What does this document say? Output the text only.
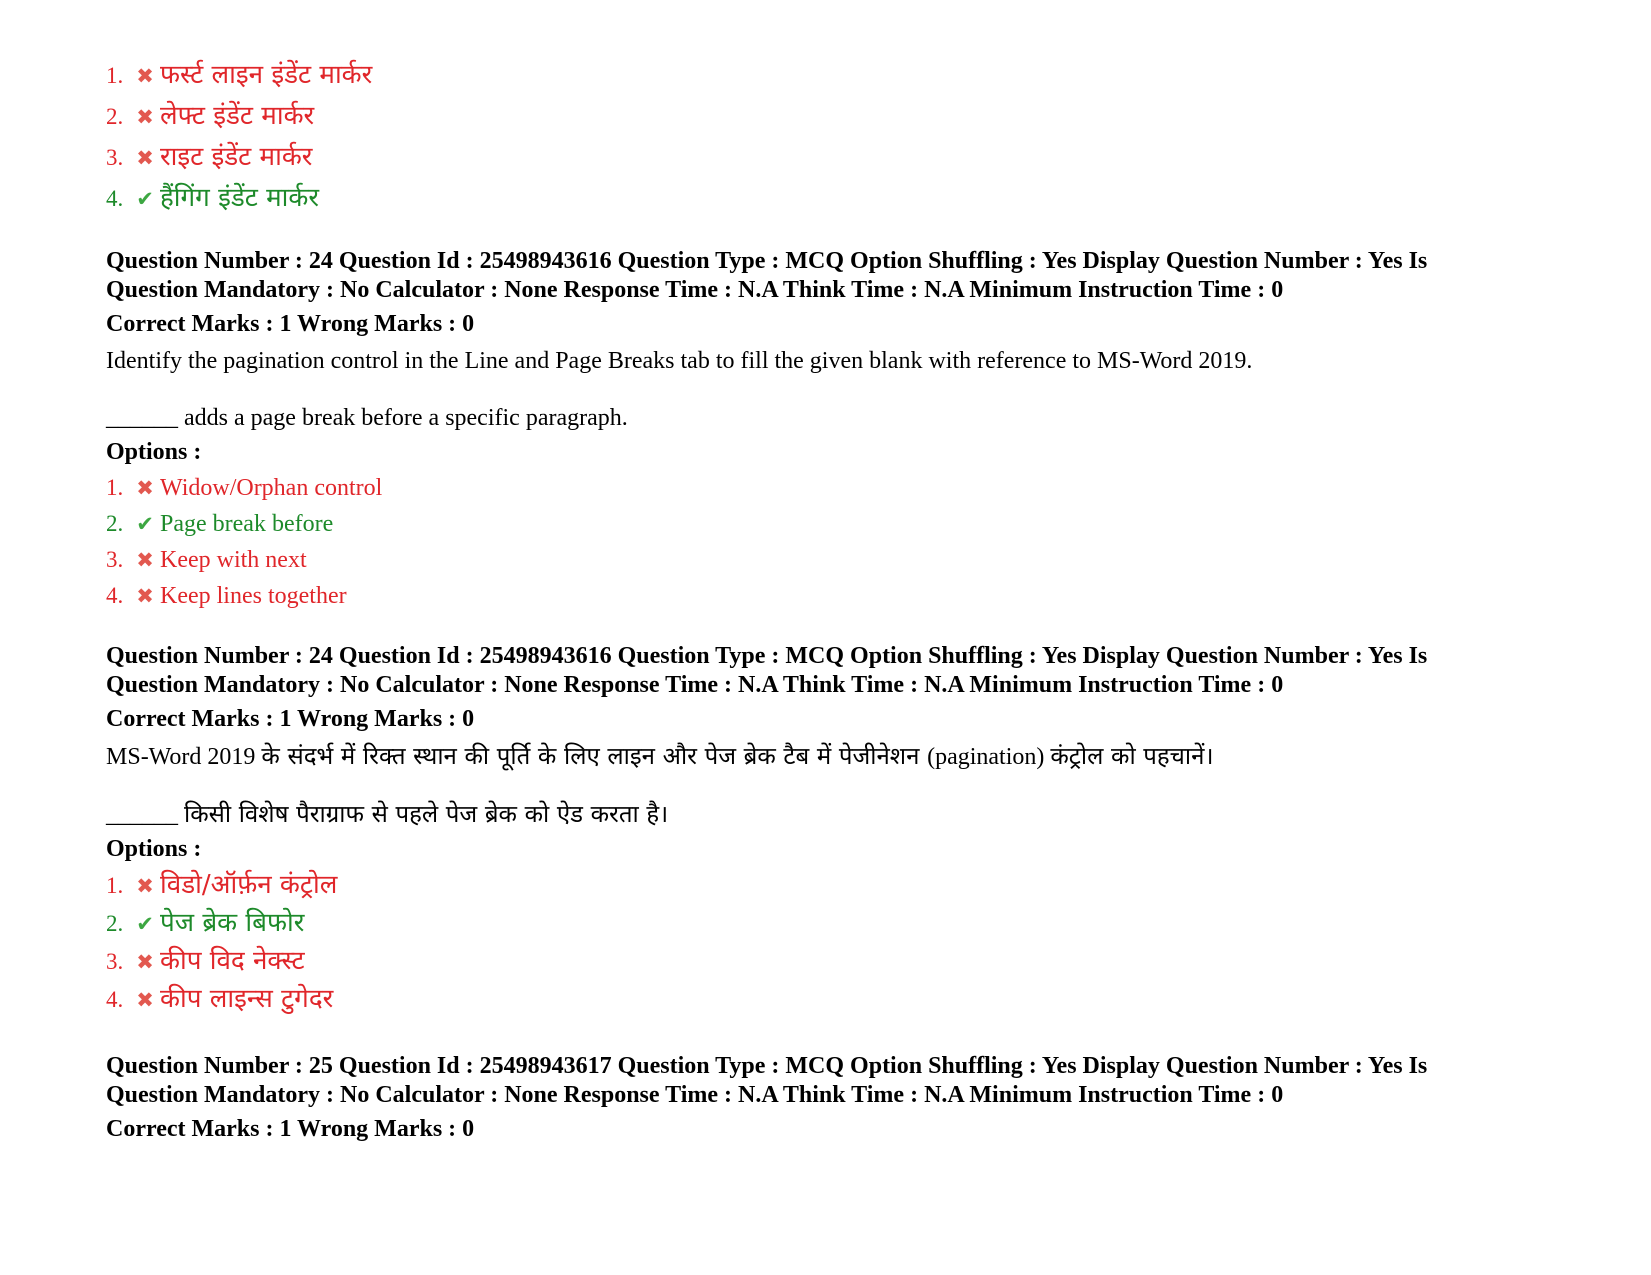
1. ✖ फर्स्ट लाइन इंडेंट मार्कर
2. ✖ लेफ्ट इंडेंट मार्कर
3. ✖ राइट इंडेंट मार्कर
4. ✔ हैंगिंग इंडेंट मार्कर

Question Number : 24 Question Id : 25498943616 Question Type : MCQ Option Shuffling : Yes Display Question Number : Yes Is

Question Mandatory : No Calculator : None Response Time : N.A Think Time : N.A Minimum Instruction Time : 0

Correct Marks : 1 Wrong Marks : 0

Identify the pagination control in the Line and Page Breaks tab to fill the given blank with reference to MS-Word 2019.

______ adds a page break before a specific paragraph.

Options :

1. ✖ Widow/Orphan control
2. ✔ Page break before
3. ✖ Keep with next
4. ✖ Keep lines together

Question Number : 24 Question Id : 25498943616 Question Type : MCQ Option Shuffling : Yes Display Question Number : Yes Is

Question Mandatory : No Calculator : None Response Time : N.A Think Time : N.A Minimum Instruction Time : 0

Correct Marks : 1 Wrong Marks : 0

MS-Word 2019 के संदर्भ में रिक्त स्थान की पूर्ति के लिए लाइन और पेज ब्रेक टैब में पेजीनेशन (pagination) कंट्रोल को पहचानें।

______ किसी विशेष पैराग्राफ से पहले पेज ब्रेक को ऐड करता है।

Options :

1. ✖ विडो/ऑर्फ़न कंट्रोल
2. ✔ पेज ब्रेक बिफोर
3. ✖ कीप विद नेक्स्ट
4. ✖ कीप लाइन्स टुगेदर

Question Number : 25 Question Id : 25498943617 Question Type : MCQ Option Shuffling : Yes Display Question Number : Yes Is

Question Mandatory : No Calculator : None Response Time : N.A Think Time : N.A Minimum Instruction Time : 0

Correct Marks : 1 Wrong Marks : 0
